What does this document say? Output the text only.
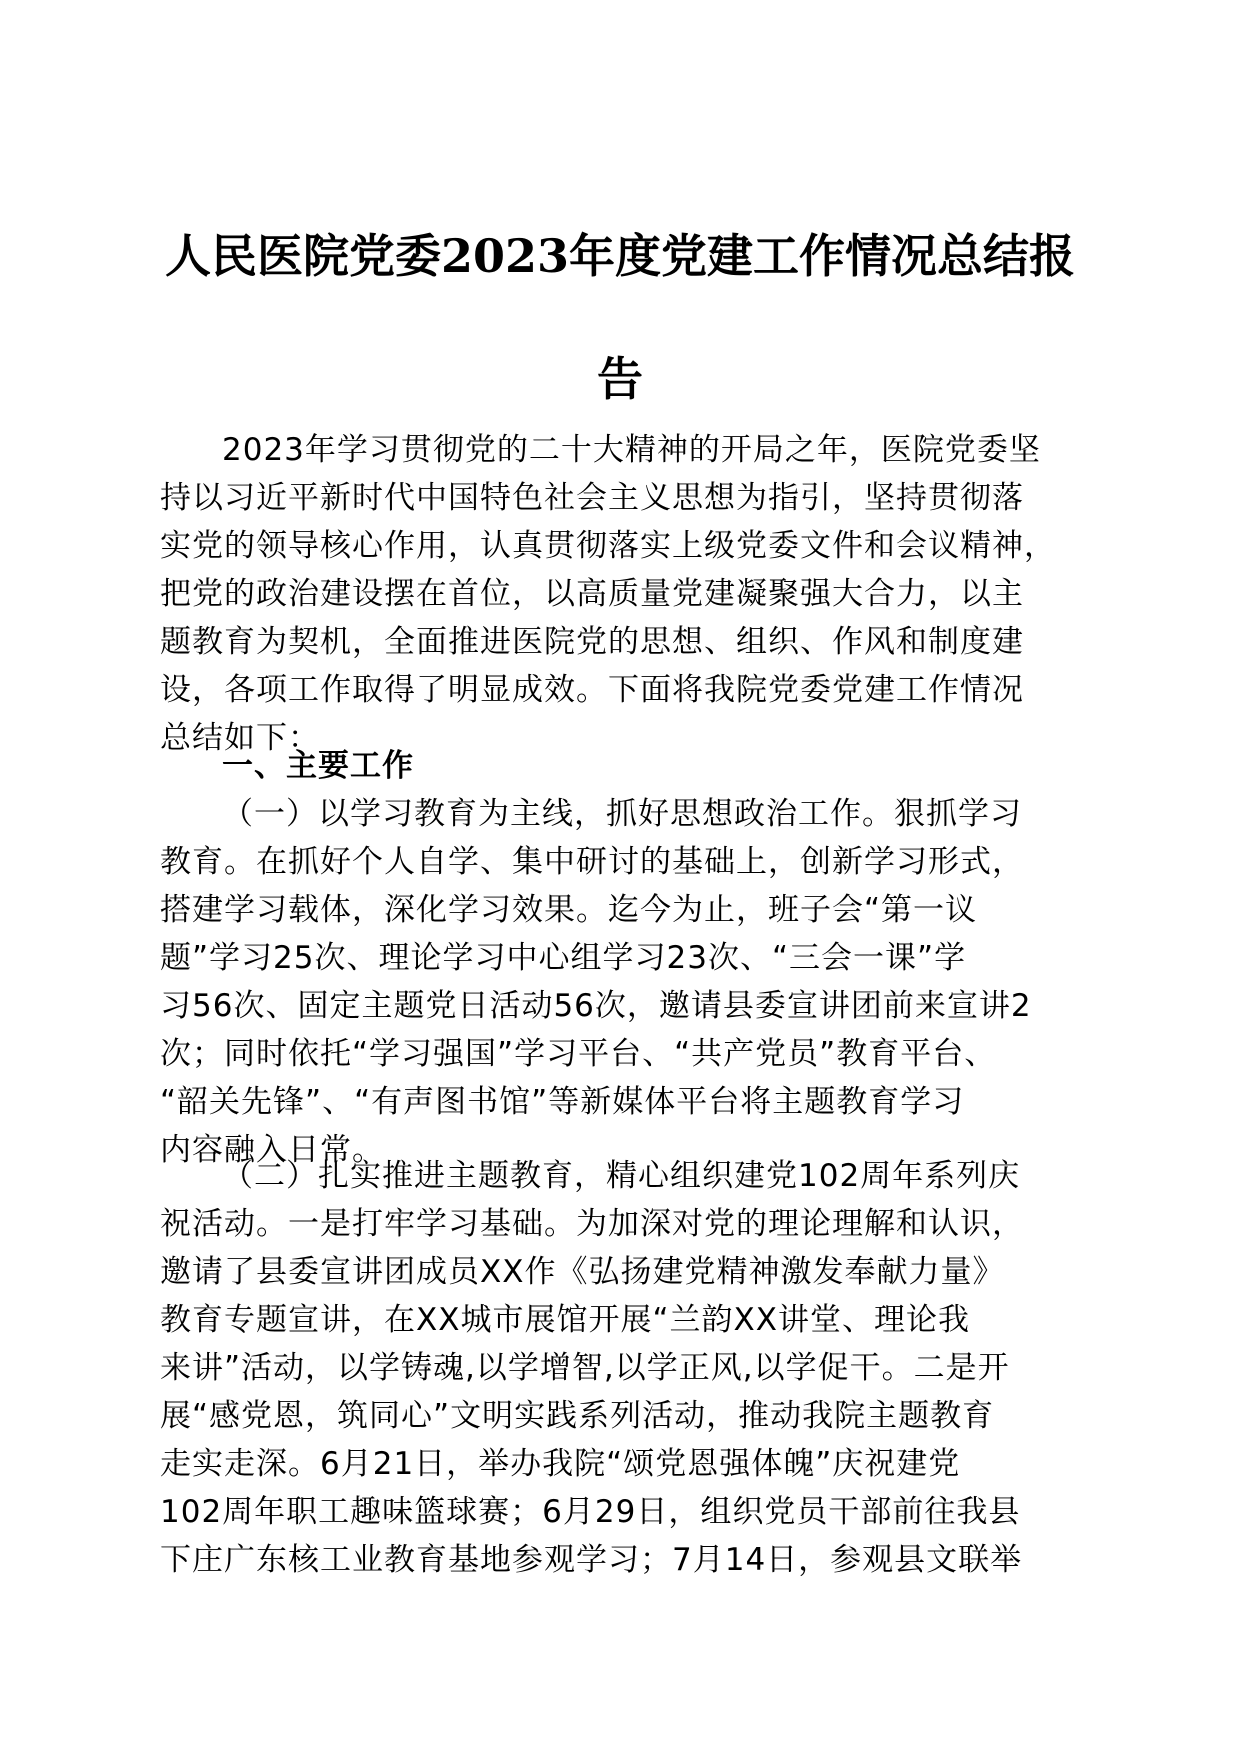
人民医院党委2023年度党建工作情况总结报
告
2023年学习贯彻党的二十大精神的开局之年，医院党委坚
持以习近平新时代中国特色社会主义思想为指引，坚持贯彻落
实党的领导核心作用，认真贯彻落实上级党委文件和会议精神，
把党的政治建设摆在首位，以高质量党建凝聚强大合力，以主
题教育为契机，全面推进医院党的思想、组织、作风和制度建
设，各项工作取得了明显成效。下面将我院党委党建工作情况
总结如下：
一、主要工作
（一）以学习教育为主线，抓好思想政治工作。狠抓学习
教育。在抓好个人自学、集中研讨的基础上，创新学习形式，
搭建学习载体，深化学习效果。迄今为止，班子会“第一议
题”学习25次、理论学习中心组学习23次、“三会一课”学
习56次、固定主题党日活动56次，邀请县委宣讲团前来宣讲2
次；同时依托“学习强国”学习平台、“共产党员”教育平台、
“韶关先锋”、“有声图书馆”等新媒体平台将主题教育学习
内容融入日常。
（二）扎实推进主题教育，精心组织建党102周年系列庆
祝活动。一是打牢学习基础。为加深对党的理论理解和认识，
邀请了县委宣讲团成员XX作《弘扬建党精神激发奉献力量》
教育专题宣讲，在XX城市展馆开展“兰韵XX讲堂、理论我
来讲”活动，以学铸魂,以学增智,以学正风,以学促干。二是开
展“感党恩，筑同心”文明实践系列活动，推动我院主题教育
走实走深。6月21日，举办我院“颂党恩强体魄”庆祝建党
102周年职工趣味篮球赛；6月29日，组织党员干部前往我县
下庄广东核工业教育基地参观学习；7月14日，参观县文联举
